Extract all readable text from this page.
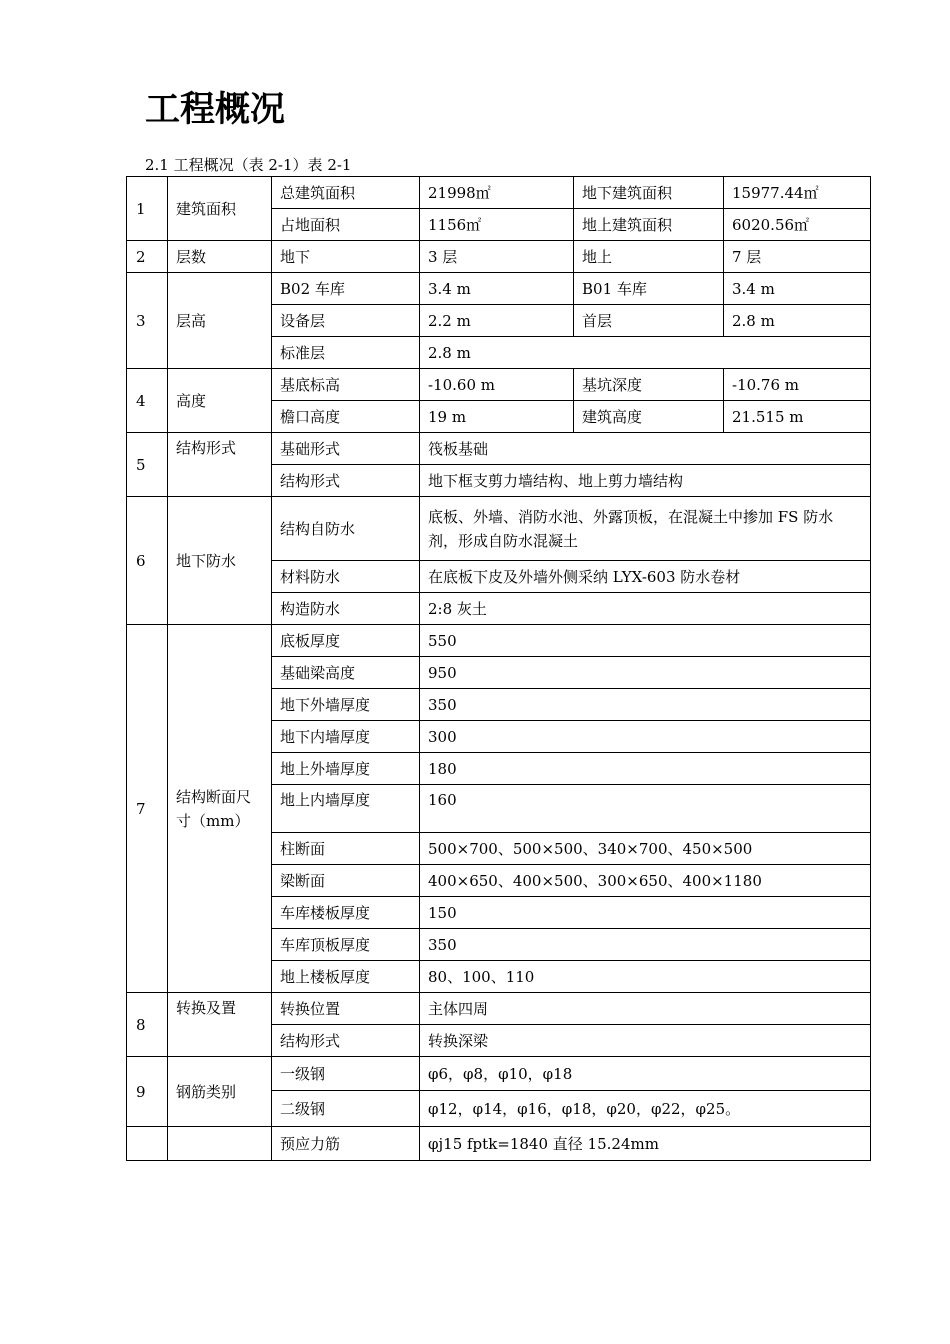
工程概况
2.1 工程概况（表 2-1）表 2-1
1	建筑面积	总建筑面积	21998㎡	地下建筑面积	15977.44㎡
		占地面积	1156㎡	地上建筑面积	6020.56㎡
2	层数	地下	3 层	地上	7 层
3	层高	B02 车库	3.4 m	B01 车库	3.4 m
		设备层	2.2 m	首层	2.8 m
		标准层	2.8 m		
4	高度	基底标高	-10.60 m	基坑深度	-10.76 m
		檐口高度	19 m	建筑高度	21.515 m
5	结构形式	基础形式	筏板基础		
		结构形式	地下框支剪力墙结构、地上剪力墙结构		
6	地下防水	结构自防水	底板、外墙、消防水池、外露顶板，在混凝土中掺加 FS 防水剂，形成自防水混凝土		
		材料防水	在底板下皮及外墙外侧采纳 LYX-603 防水卷材		
		构造防水	2:8 灰土		
7	结构断面尺寸（mm）	底板厚度	550		
		基础梁高度	950		
		地下外墙厚度	350		
		地下内墙厚度	300		
		地上外墙厚度	180		
		地上内墙厚度	160		
		柱断面	500×700、500×500、340×700、450×500		
		梁断面	400×650、400×500、300×650、400×1180		
		车库楼板厚度	150		
		车库顶板厚度	350		
		地上楼板厚度	80、100、110		
8	转换及置	转换位置	主体四周		
		结构形式	转换深梁		
9	钢筋类别	一级钢	φ6，φ8，φ10，φ18		
		二级钢	φ12，φ14，φ16，φ18，φ20，φ22，φ25。		
		预应力筋	φj15 fptk=1840 直径 15.24mm		
